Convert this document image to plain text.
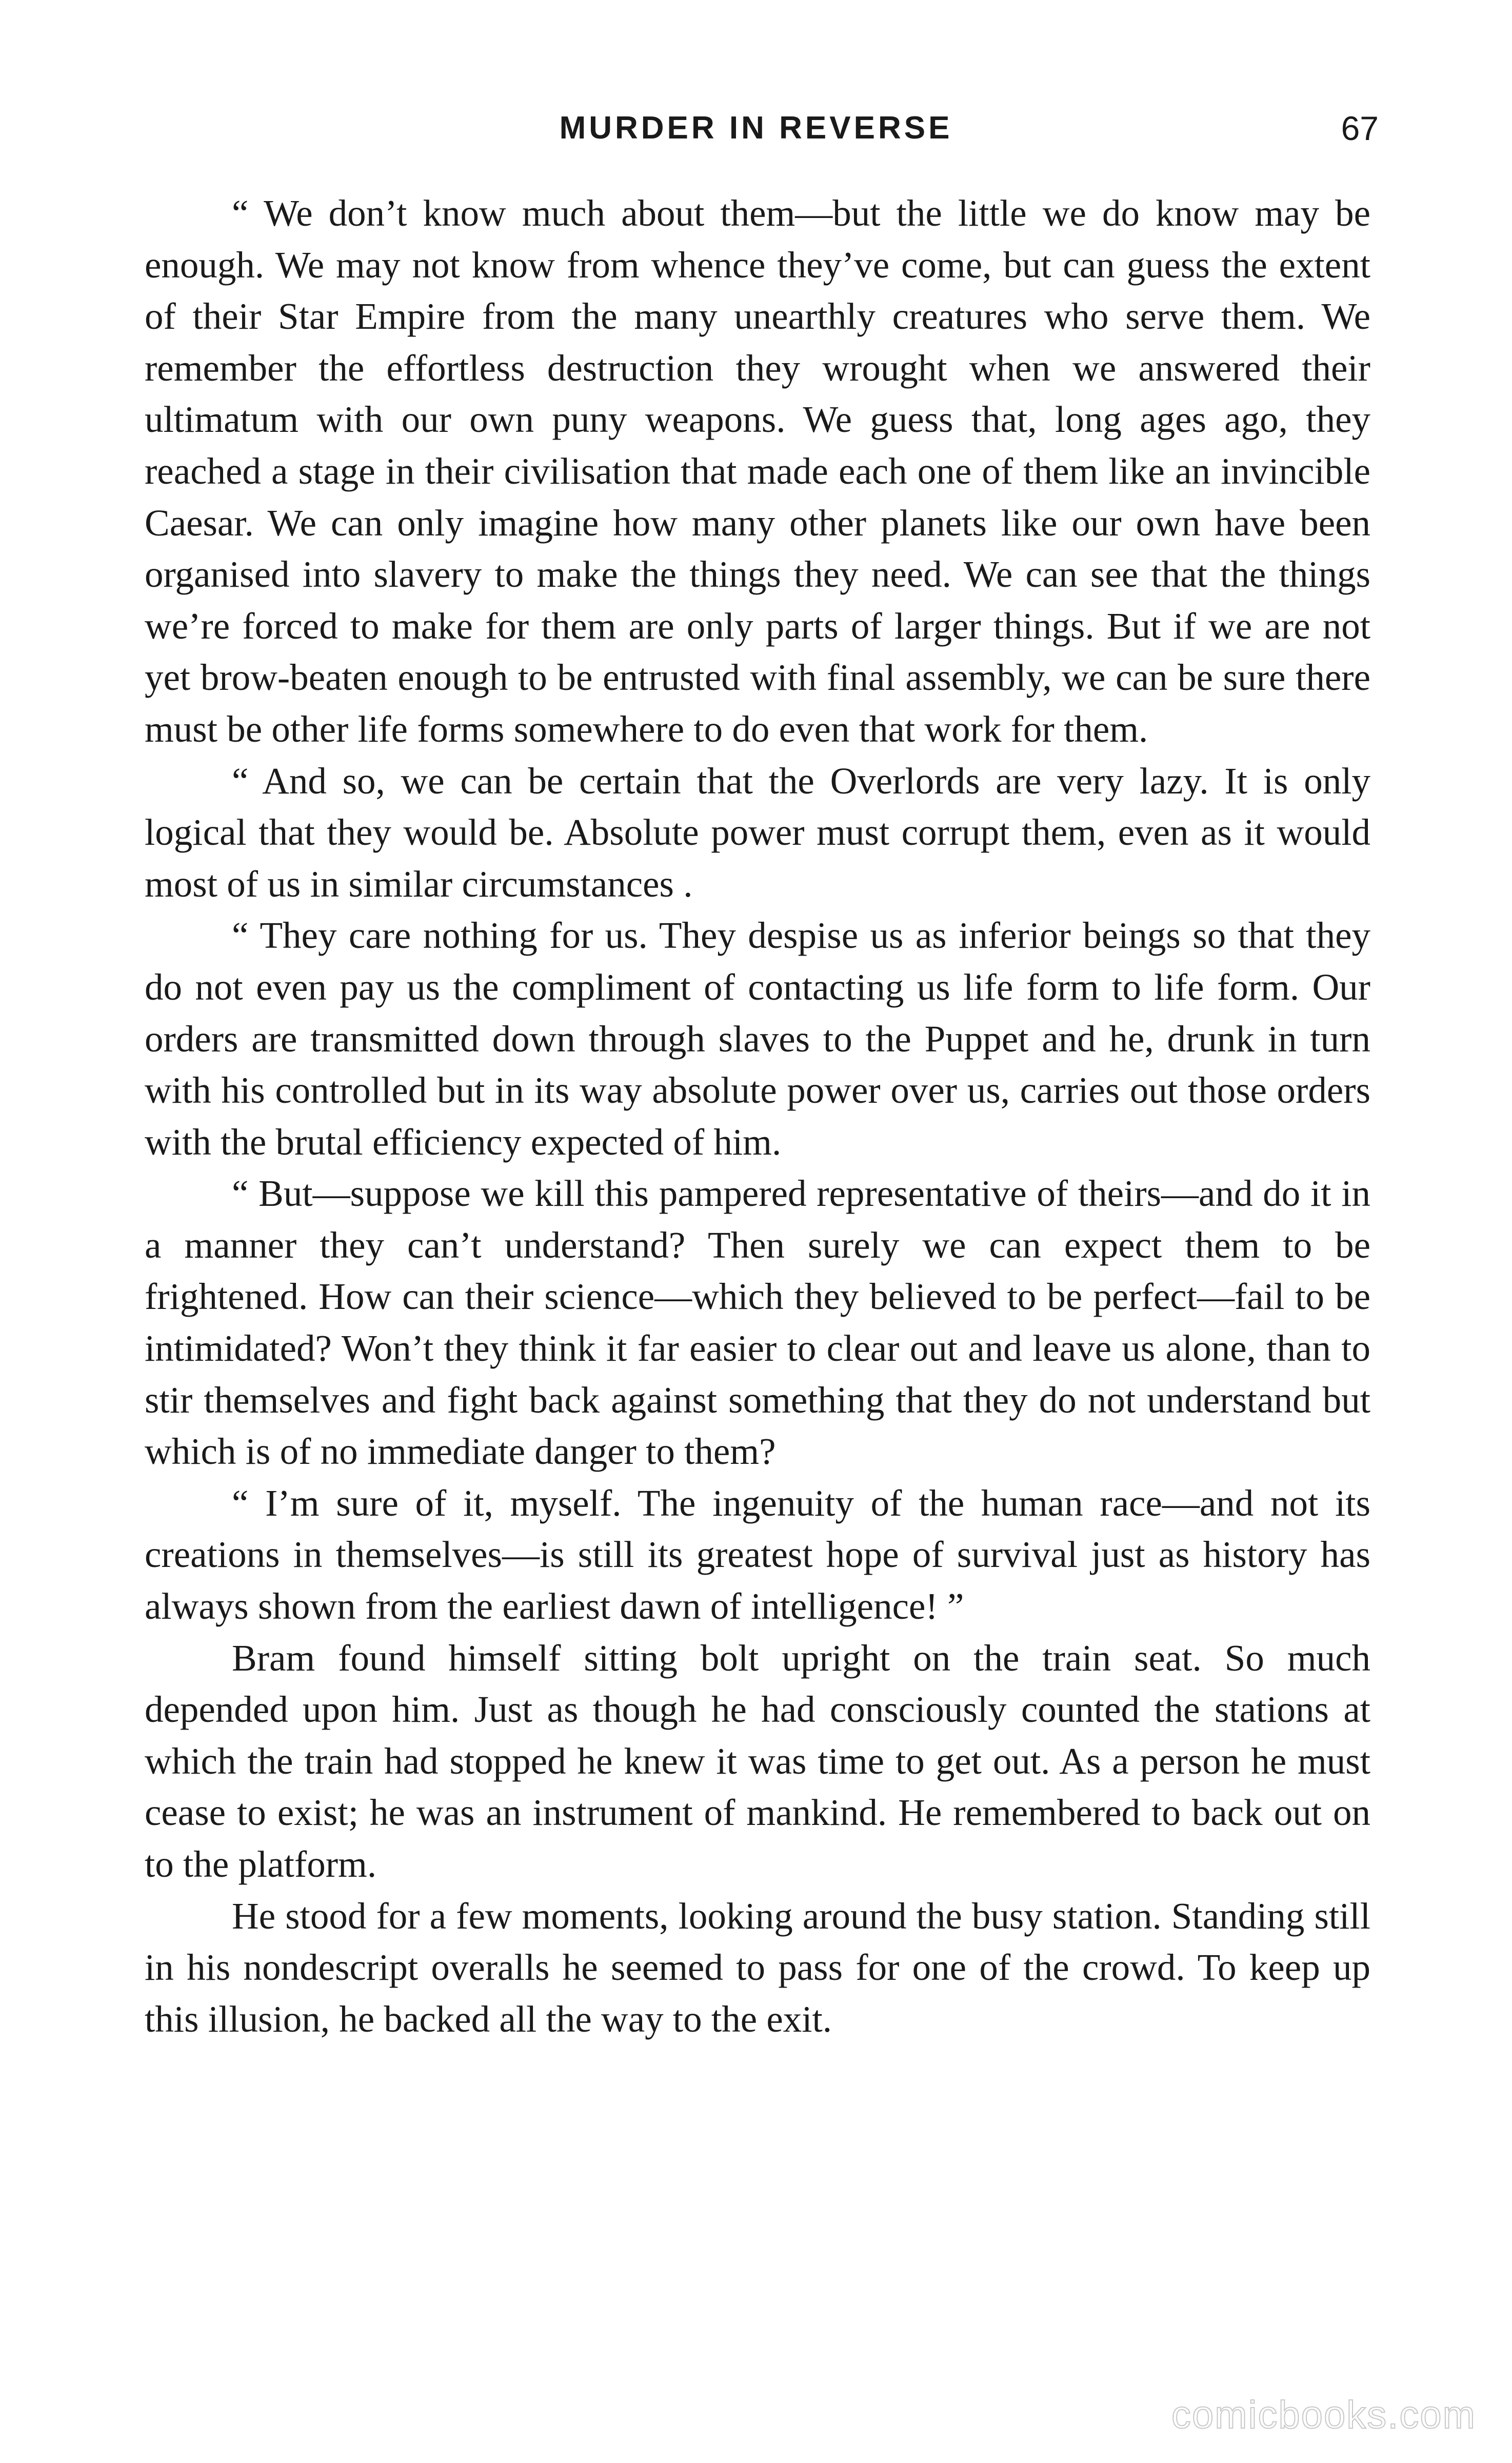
MURDER IN REVERSE	67

“ We don’t know much about them—but the little we do know may be enough. We may not know from whence they’ve come, but can guess the extent of their Star Empire from the many unearthly creatures who serve them. We remember the effortless destruction they wrought when we answered their ultimatum with our own puny weapons. We guess that, long ages ago, they reached a stage in their civilisation that made each one of them like an invincible Caesar. We can only imagine how many other planets like our own have been organised into slavery to make the things they need. We can see that the things we’re forced to make for them are only parts of larger things. But if we are not yet brow-beaten enough to be entrusted with final assembly, we can be sure there must be other life forms somewhere to do even that work for them.

“ And so, we can be certain that the Overlords are very lazy. It is only logical that they would be. Absolute power must corrupt them, even as it would most of us in similar circumstances .

“ They care nothing for us. They despise us as inferior beings so that they do not even pay us the compliment of contacting us life form to life form. Our orders are transmitted down through slaves to the Puppet and he, drunk in turn with his controlled but in its way absolute power over us, carries out those orders with the brutal efficiency expected of him.

“ But—suppose we kill this pampered representative of theirs—and do it in a manner they can’t understand? Then surely we can expect them to be frightened. How can their science—which they believed to be perfect—fail to be intimidated? Won’t they think it far easier to clear out and leave us alone, than to stir themselves and fight back against something that they do not understand but which is of no immediate danger to them?

“ I’m sure of it, myself. The ingenuity of the human race—and not its creations in themselves—is still its greatest hope of survival just as history has always shown from the earliest dawn of intelligence! ”

Bram found himself sitting bolt upright on the train seat. So much depended upon him. Just as though he had consciously counted the stations at which the train had stopped he knew it was time to get out. As a person he must cease to exist; he was an instrument of mankind. He remembered to back out on to the platform.

He stood for a few moments, looking around the busy station. Standing still in his nondescript overalls he seemed to pass for one of the crowd. To keep up this illusion, he backed all the way to the exit.

comicbooks.com
